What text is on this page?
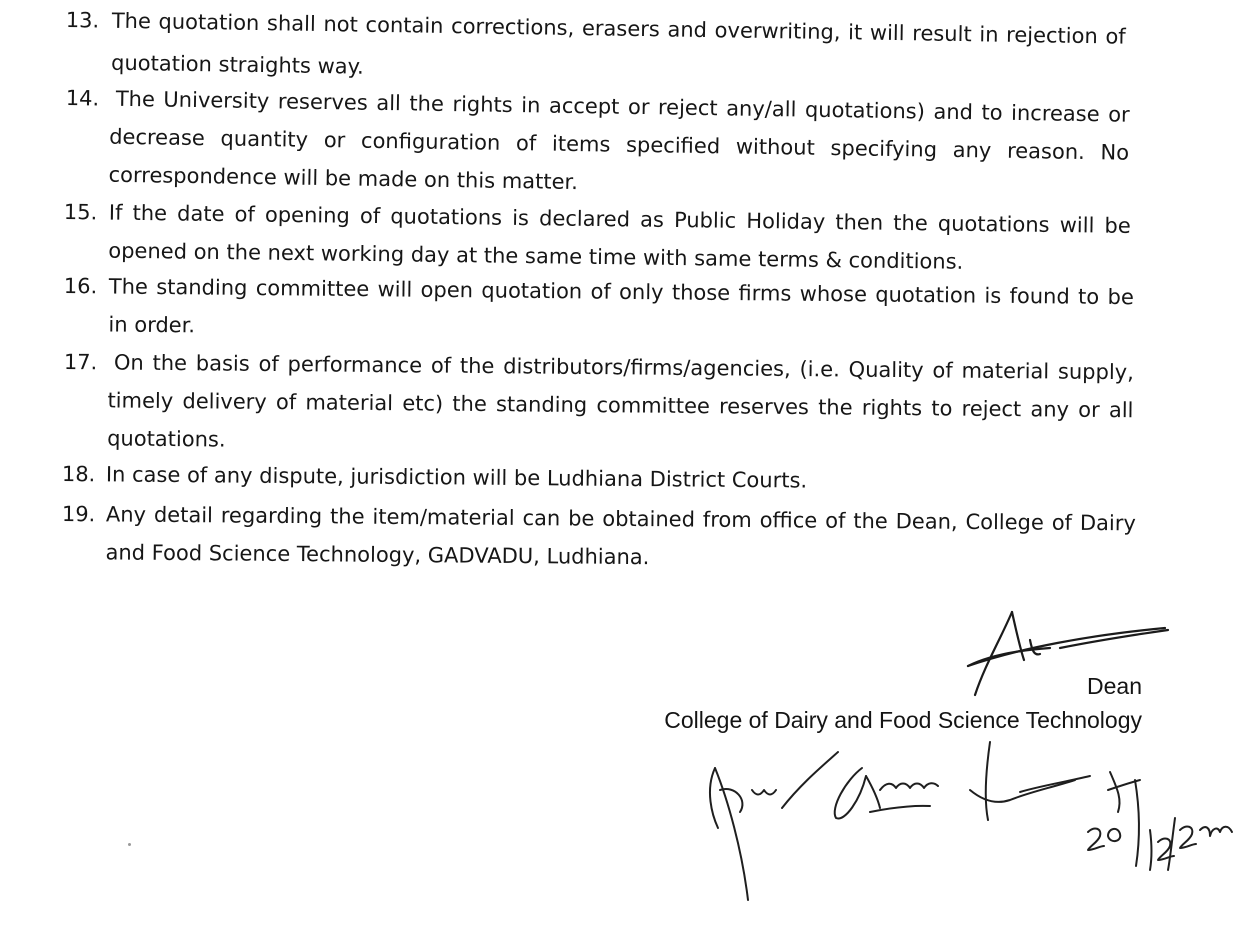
13. The quotation shall not contain corrections, erasers and overwriting, it will result in rejection of
quotation straights way.
14. The University reserves all the rights in accept or reject any/all quotations) and to increase or
decrease quantity or configuration of items specified without specifying any reason. No
correspondence will be made on this matter.
15. If the date of opening of quotations is declared as Public Holiday then the quotations will be
opened on the next working day at the same time with same terms & conditions.
16. The standing committee will open quotation of only those firms whose quotation is found to be
in order.
17. On the basis of performance of the distributors/firms/agencies, (i.e. Quality of material supply,
timely delivery of material etc) the standing committee reserves the rights to reject any or all
quotations.
18. In case of any dispute, jurisdiction will be Ludhiana District Courts.
19. Any detail regarding the item/material can be obtained from office of the Dean, College of Dairy
and Food Science Technology, GADVADU, Ludhiana.
Dean
College of Dairy and Food Science Technology
